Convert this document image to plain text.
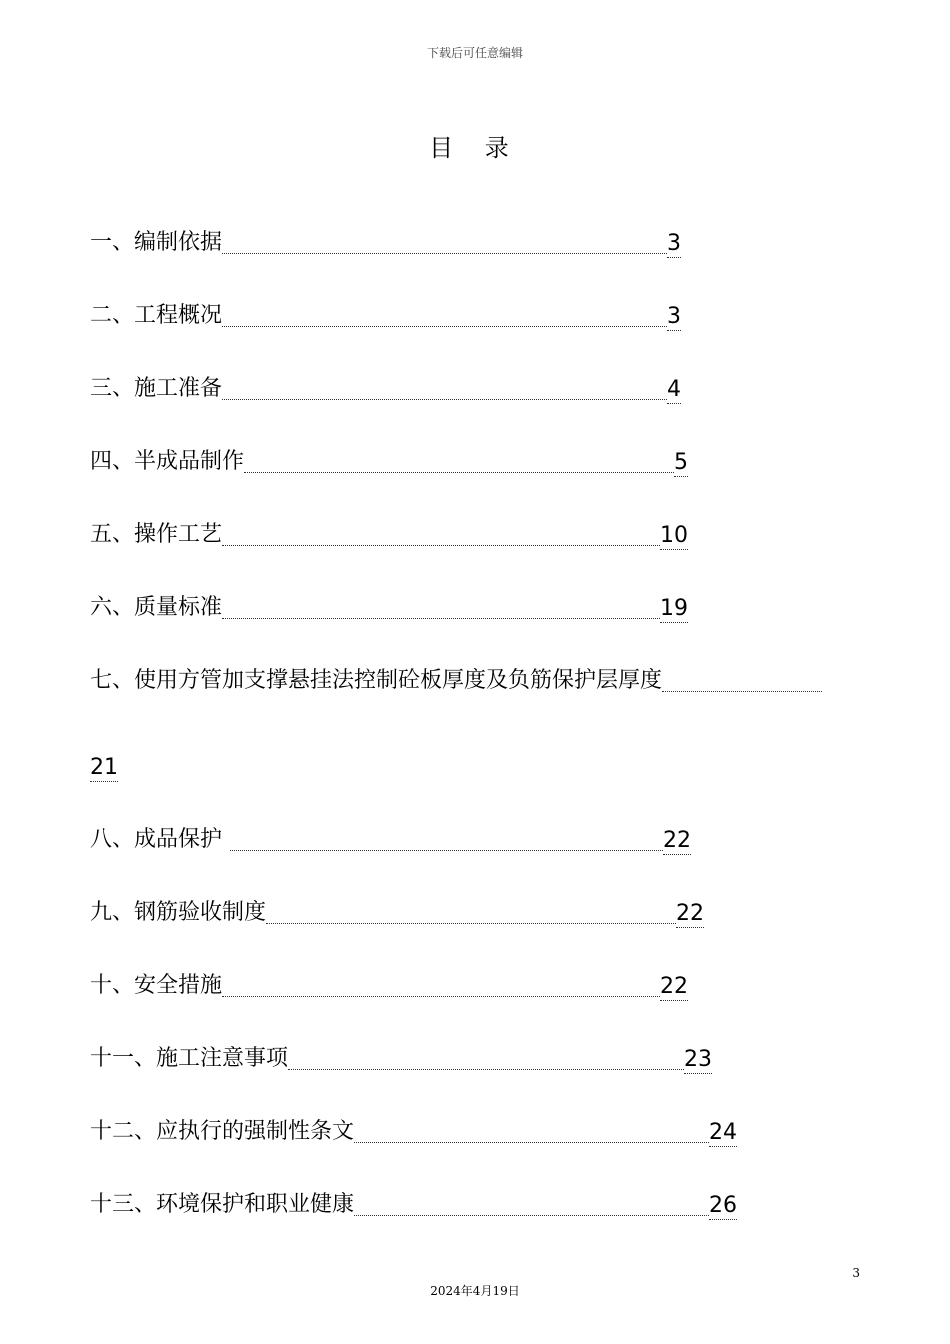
下载后可任意编辑
目 录
一、编制依据	3
二、工程概况	3
三、施工准备	4
四、半成品制作	5
五、操作工艺	10
六、质量标准	19
七、使用方管加支撑悬挂法控制砼板厚度及负筋保护层厚度
21
八、成品保护	22
九、钢筋验收制度	22
十、安全措施	22
十一、施工注意事项	23
十二、应执行的强制性条文	24
十三、环境保护和职业健康	26
3
2024年4月19日
